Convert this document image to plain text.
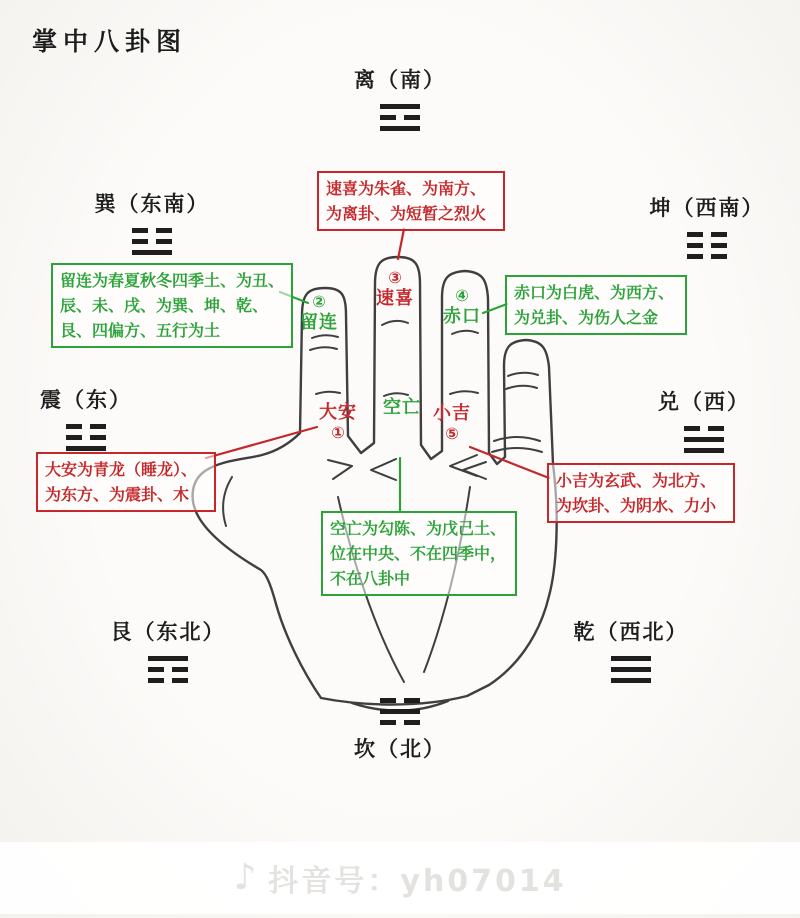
掌中八卦图
离（南）
巽（东南）	坤（西南）
震（东）	兑（西）
艮（东北）	乾（西北）
坎（北）
速喜为朱雀、为南方、
为离卦、为短暂之烈火
留连为春夏秋冬四季土、为丑、
辰、未、戌、为巽、坤、乾、
艮、四偏方、五行为土
赤口为白虎、为西方、
为兑卦、为伤人之金
大安为青龙（睡龙）、
为东方、为震卦、木
小吉为玄武、为北方、
为坎卦、为阴水、力小
空亡为勾陈、为戊己土、
位在中央、不在四季中，
不在八卦中
②
留连
③
速喜	④
赤口
大安
①
空亡 小吉
⑤
♪ 抖音号：yh07014
